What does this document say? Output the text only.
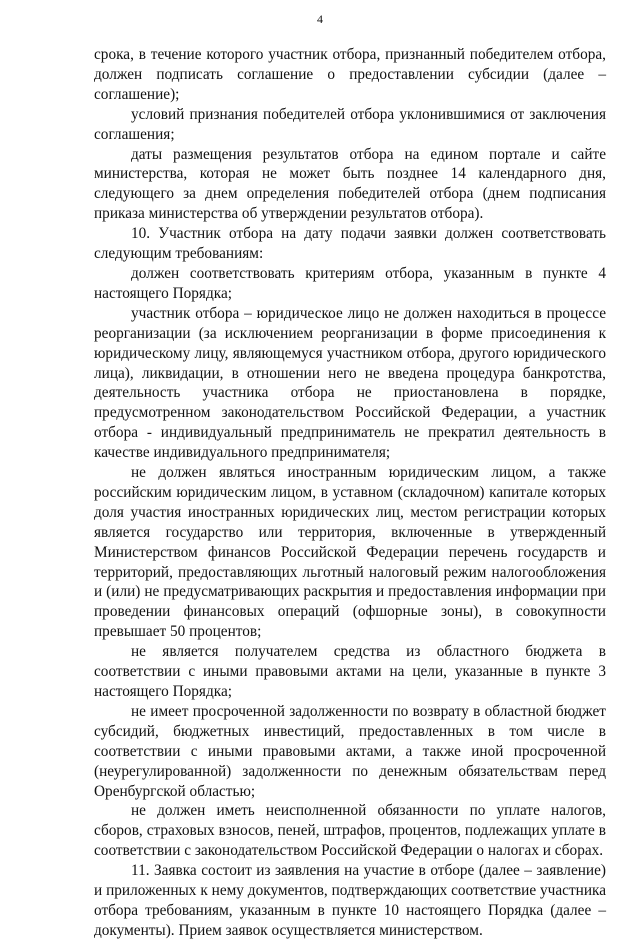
4

срока, в течение которого участник отбора, признанный победителем отбора, должен подписать соглашение о предоставлении субсидии (далее – соглашение);

условий признания победителей отбора уклонившимися от заключения соглашения;

даты размещения результатов отбора на едином портале и сайте министерства, которая не может быть позднее 14 календарного дня, следующего за днем определения победителей отбора (днем подписания приказа министерства об утверждении результатов отбора).

10. Участник отбора на дату подачи заявки должен соответствовать следующим требованиям:

должен соответствовать критериям отбора, указанным в пункте 4 настоящего Порядка;

участник отбора – юридическое лицо не должен находиться в процессе реорганизации (за исключением реорганизации в форме присоединения к юридическому лицу, являющемуся участником отбора, другого юридического лица), ликвидации, в отношении него не введена процедура банкротства, деятельность участника отбора не приостановлена в порядке, предусмотренном законодательством Российской Федерации, а участник отбора - индивидуальный предприниматель не прекратил деятельность в качестве индивидуального предпринимателя;

не должен являться иностранным юридическим лицом, а также российским юридическим лицом, в уставном (складочном) капитале которых доля участия иностранных юридических лиц, местом регистрации которых является государство или территория, включенные в утвержденный Министерством финансов Российской Федерации перечень государств и территорий, предоставляющих льготный налоговый режим налогообложения и (или) не предусматривающих раскрытия и предоставления информации при проведении финансовых операций (офшорные зоны), в совокупности превышает 50 процентов;

не является получателем средства из областного бюджета в соответствии с иными правовыми актами на цели, указанные в пункте 3 настоящего Порядка;

не имеет просроченной задолженности по возврату в областной бюджет субсидий, бюджетных инвестиций, предоставленных в том числе в соответствии с иными правовыми актами, а также иной просроченной (неурегулированной) задолженности по денежным обязательствам перед Оренбургской областью;

не должен иметь неисполненной обязанности по уплате налогов, сборов, страховых взносов, пеней, штрафов, процентов, подлежащих уплате в соответствии с законодательством Российской Федерации о налогах и сборах.

11. Заявка состоит из заявления на участие в отборе (далее – заявление) и приложенных к нему документов, подтверждающих соответствие участника отбора требованиям, указанным в пункте 10 настоящего Порядка (далее – документы). Прием заявок осуществляется министерством.
